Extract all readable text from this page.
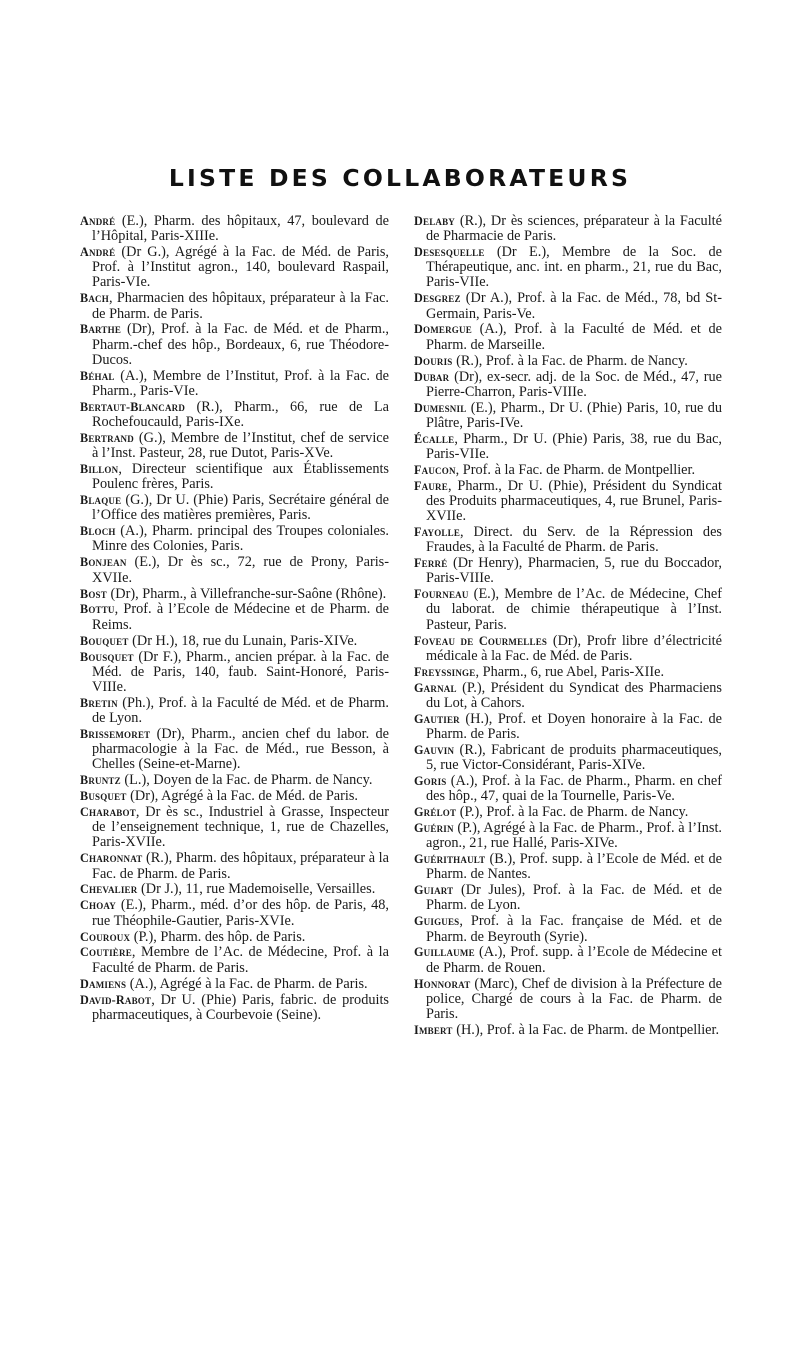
LISTE DES COLLABORATEURS

André (E.), Pharm. des hôpitaux, 47, boulevard de l’Hôpital, Paris-XIIIe.

André (Dr G.), Agrégé à la Fac. de Méd. de Paris, Prof. à l’Institut agron., 140, boulevard Raspail, Paris-VIe.

Bach, Pharmacien des hôpitaux, préparateur à la Fac. de Pharm. de Paris.

Barthe (Dr), Prof. à la Fac. de Méd. et de Pharm., Pharm.-chef des hôp., Bordeaux, 6, rue Théodore-Ducos.

Béhal (A.), Membre de l’Institut, Prof. à la Fac. de Pharm., Paris-VIe.

Bertaut-Blancard (R.), Pharm., 66, rue de La Rochefoucauld, Paris-IXe.

Bertrand (G.), Membre de l’Institut, chef de service à l’Inst. Pasteur, 28, rue Dutot, Paris-XVe.

Billon, Directeur scientifique aux Établissements Poulenc frères, Paris.

Blaque (G.), Dr U. (Phie) Paris, Secrétaire général de l’Office des matières premières, Paris.

Bloch (A.), Pharm. principal des Troupes coloniales. Minre des Colonies, Paris.

Bonjean (E.), Dr ès sc., 72, rue de Prony, Paris-XVIIe.

Bost (Dr), Pharm., à Villefranche-sur-Saône (Rhône).

Bottu, Prof. à l’Ecole de Médecine et de Pharm. de Reims.

Bouquet (Dr H.), 18, rue du Lunain, Paris-XIVe.

Bousquet (Dr F.), Pharm., ancien prépar. à la Fac. de Méd. de Paris, 140, faub. Saint-Honoré, Paris-VIIIe.

Bretin (Ph.), Prof. à la Faculté de Méd. et de Pharm. de Lyon.

Brissemoret (Dr), Pharm., ancien chef du labor. de pharmacologie à la Fac. de Méd., rue Besson, à Chelles (Seine-et-Marne).

Bruntz (L.), Doyen de la Fac. de Pharm. de Nancy.

Busquet (Dr), Agrégé à la Fac. de Méd. de Paris.

Charabot, Dr ès sc., Industriel à Grasse, Inspecteur de l’enseignement technique, 1, rue de Chazelles, Paris-XVIIe.

Charonnat (R.), Pharm. des hôpitaux, préparateur à la Fac. de Pharm. de Paris.

Chevalier (Dr J.), 11, rue Mademoiselle, Versailles.

Choay (E.), Pharm., méd. d’or des hôp. de Paris, 48, rue Théophile-Gautier, Paris-XVIe.

Couroux (P.), Pharm. des hôp. de Paris.

Coutière, Membre de l’Ac. de Médecine, Prof. à la Faculté de Pharm. de Paris.

Damiens (A.), Agrégé à la Fac. de Pharm. de Paris.

David-Rabot, Dr U. (Phie) Paris, fabric. de produits pharmaceutiques, à Courbevoie (Seine).

Delaby (R.), Dr ès sciences, préparateur à la Faculté de Pharmacie de Paris.

Desesquelle (Dr E.), Membre de la Soc. de Thérapeutique, anc. int. en pharm., 21, rue du Bac, Paris-VIIe.

Desgrez (Dr A.), Prof. à la Fac. de Méd., 78, bd St-Germain, Paris-Ve.

Domergue (A.), Prof. à la Faculté de Méd. et de Pharm. de Marseille.

Douris (R.), Prof. à la Fac. de Pharm. de Nancy.

Dubar (Dr), ex-secr. adj. de la Soc. de Méd., 47, rue Pierre-Charron, Paris-VIIIe.

Dumesnil (E.), Pharm., Dr U. (Phie) Paris, 10, rue du Plâtre, Paris-IVe.

Écalle, Pharm., Dr U. (Phie) Paris, 38, rue du Bac, Paris-VIIe.

Faucon, Prof. à la Fac. de Pharm. de Montpellier.

Faure, Pharm., Dr U. (Phie), Président du Syndicat des Produits pharmaceutiques, 4, rue Brunel, Paris-XVIIe.

Fayolle, Direct. du Serv. de la Répression des Fraudes, à la Faculté de Pharm. de Paris.

Ferré (Dr Henry), Pharmacien, 5, rue du Boccador, Paris-VIIIe.

Fourneau (E.), Membre de l’Ac. de Médecine, Chef du laborat. de chimie thérapeutique à l’Inst. Pasteur, Paris.

Foveau de Courmelles (Dr), Profr libre d’électricité médicale à la Fac. de Méd. de Paris.

Freyssinge, Pharm., 6, rue Abel, Paris-XIIe.

Garnal (P.), Président du Syndicat des Pharmaciens du Lot, à Cahors.

Gautier (H.), Prof. et Doyen honoraire à la Fac. de Pharm. de Paris.

Gauvin (R.), Fabricant de produits pharmaceutiques, 5, rue Victor-Considérant, Paris-XIVe.

Goris (A.), Prof. à la Fac. de Pharm., Pharm. en chef des hôp., 47, quai de la Tournelle, Paris-Ve.

Grélot (P.), Prof. à la Fac. de Pharm. de Nancy.

Guérin (P.), Agrégé à la Fac. de Pharm., Prof. à l’Inst. agron., 21, rue Hallé, Paris-XIVe.

Guérithault (B.), Prof. supp. à l’Ecole de Méd. et de Pharm. de Nantes.

Guiart (Dr Jules), Prof. à la Fac. de Méd. et de Pharm. de Lyon.

Guigues, Prof. à la Fac. française de Méd. et de Pharm. de Beyrouth (Syrie).

Guillaume (A.), Prof. supp. à l’Ecole de Médecine et de Pharm. de Rouen.

Honnorat (Marc), Chef de division à la Préfecture de police, Chargé de cours à la Fac. de Pharm. de Paris.

Imbert (H.), Prof. à la Fac. de Pharm. de Montpellier.
